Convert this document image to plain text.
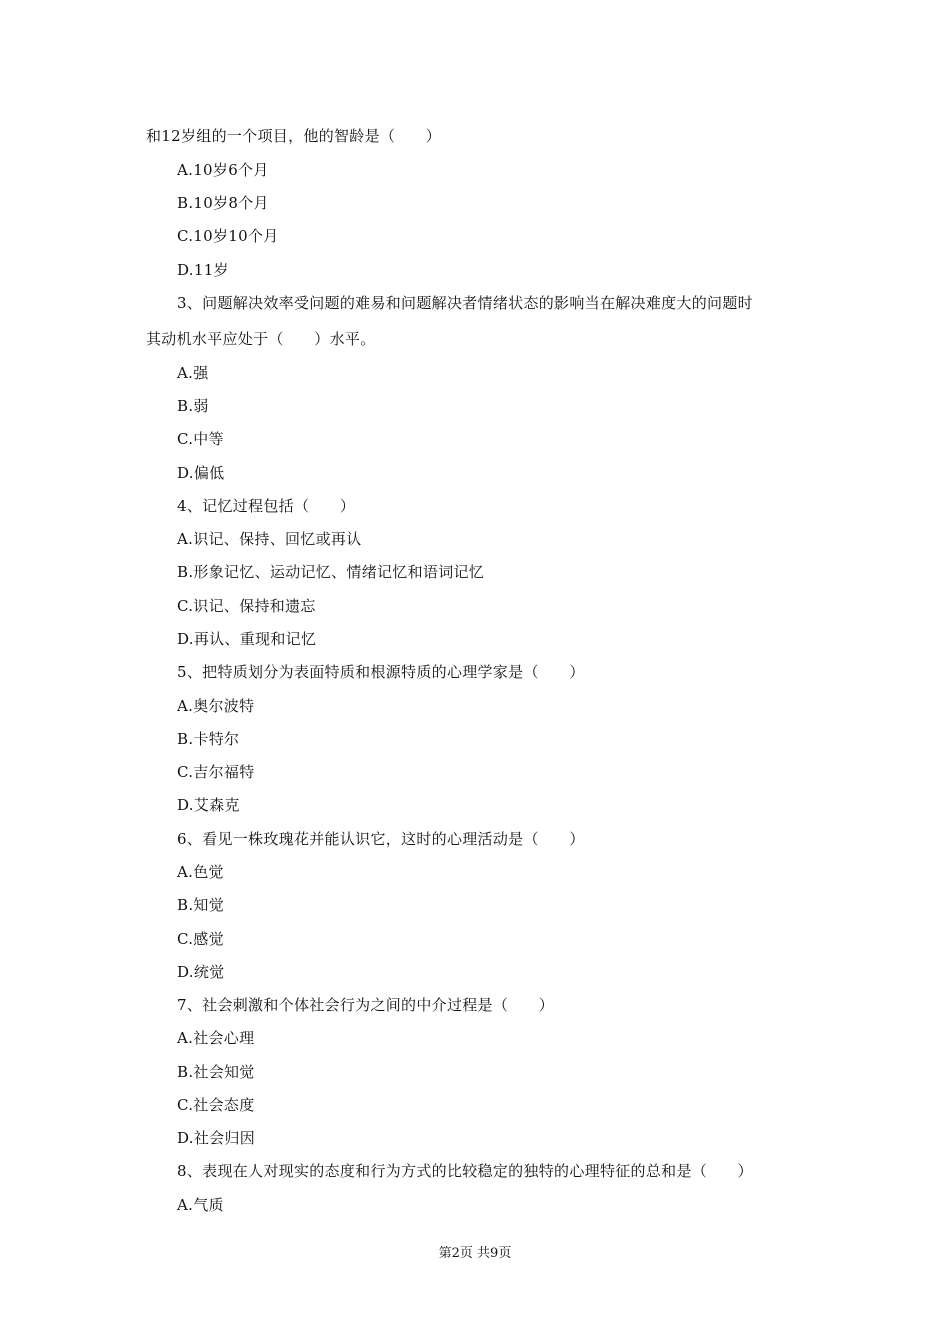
和12岁组的一个项目，他的智龄是（　　）
A.10岁6个月
B.10岁8个月
C.10岁10个月
D.11岁
3、问题解决效率受问题的难易和问题解决者情绪状态的影响当在解决难度大的问题时
其动机水平应处于（　　）水平。
A.强
B.弱
C.中等
D.偏低
4、记忆过程包括（　　）
A.识记、保持、回忆或再认
B.形象记忆、运动记忆、情绪记忆和语词记忆
C.识记、保持和遗忘
D.再认、重现和记忆
5、把特质划分为表面特质和根源特质的心理学家是（　　）
A.奥尔波特
B.卡特尔
C.吉尔福特
D.艾森克
6、看见一株玫瑰花并能认识它，这时的心理活动是（　　）
A.色觉
B.知觉
C.感觉
D.统觉
7、社会刺激和个体社会行为之间的中介过程是（　　）
A.社会心理
B.社会知觉
C.社会态度
D.社会归因
8、表现在人对现实的态度和行为方式的比较稳定的独特的心理特征的总和是（　　）
A.气质
第2页 共9页
